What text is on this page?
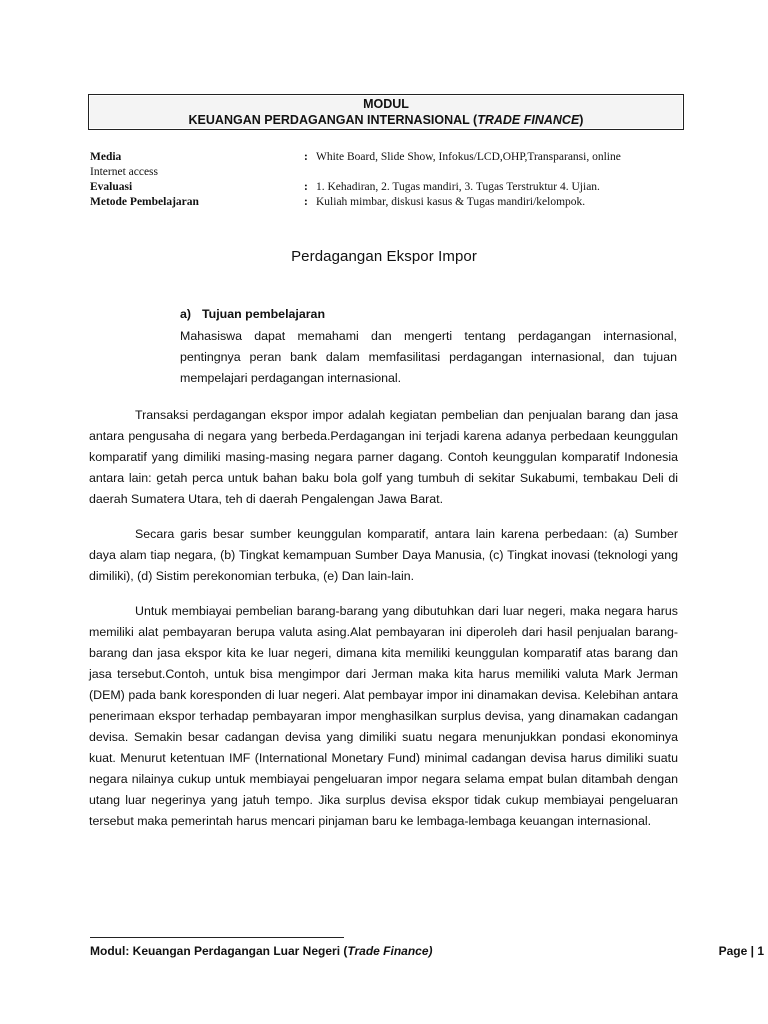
MODUL
KEUANGAN PERDAGANGAN INTERNASIONAL (TRADE FINANCE)
Media	: White Board, Slide Show, Infokus/LCD,OHP,Transparansi, online
Internet access
Evaluasi	: 1. Kehadiran, 2. Tugas mandiri, 3. Tugas Terstruktur 4. Ujian.
Metode Pembelajaran	: Kuliah mimbar, diskusi kasus & Tugas mandiri/kelompok.
Perdagangan Ekspor Impor
a) Tujuan pembelajaran
Mahasiswa dapat memahami dan mengerti tentang perdagangan internasional, pentingnya peran bank dalam memfasilitasi perdagangan internasional, dan tujuan mempelajari perdagangan internasional.

Transaksi perdagangan ekspor impor adalah kegiatan pembelian dan penjualan barang dan jasa antara pengusaha di negara yang berbeda.Perdagangan ini terjadi karena adanya perbedaan keunggulan komparatif yang dimiliki masing-masing negara parner dagang. Contoh keunggulan komparatif Indonesia antara lain: getah perca untuk bahan baku bola golf yang tumbuh di sekitar Sukabumi, tembakau Deli di daerah Sumatera Utara, teh di daerah Pengalengan Jawa Barat.

Secara garis besar sumber keunggulan komparatif, antara lain karena perbedaan: (a) Sumber daya alam tiap negara, (b) Tingkat kemampuan Sumber Daya Manusia, (c) Tingkat inovasi (teknologi yang dimiliki), (d) Sistim perekonomian terbuka, (e) Dan lain-lain.

Untuk membiayai pembelian barang-barang yang dibutuhkan dari luar negeri, maka negara harus memiliki alat pembayaran berupa valuta asing.Alat pembayaran ini diperoleh dari hasil penjualan barang-barang dan jasa ekspor kita ke luar negeri, dimana kita memiliki keunggulan komparatif atas barang dan jasa tersebut.Contoh, untuk bisa mengimpor dari Jerman maka kita harus memiliki valuta Mark Jerman (DEM) pada bank koresponden di luar negeri. Alat pembayar impor ini dinamakan devisa. Kelebihan antara penerimaan ekspor terhadap pembayaran impor menghasilkan surplus devisa, yang dinamakan cadangan devisa. Semakin besar cadangan devisa yang dimiliki suatu negara menunjukkan pondasi ekonominya kuat. Menurut ketentuan IMF (International Monetary Fund) minimal cadangan devisa harus dimiliki suatu negara nilainya cukup untuk membiayai pengeluaran impor negara selama empat bulan ditambah dengan utang luar negerinya yang jatuh tempo. Jika surplus devisa ekspor tidak cukup membiayai pengeluaran tersebut maka pemerintah harus mencari pinjaman baru ke lembaga-lembaga keuangan internasional.

Modul: Keuangan Perdagangan Luar Negeri (Trade Finance)	Page | 1
